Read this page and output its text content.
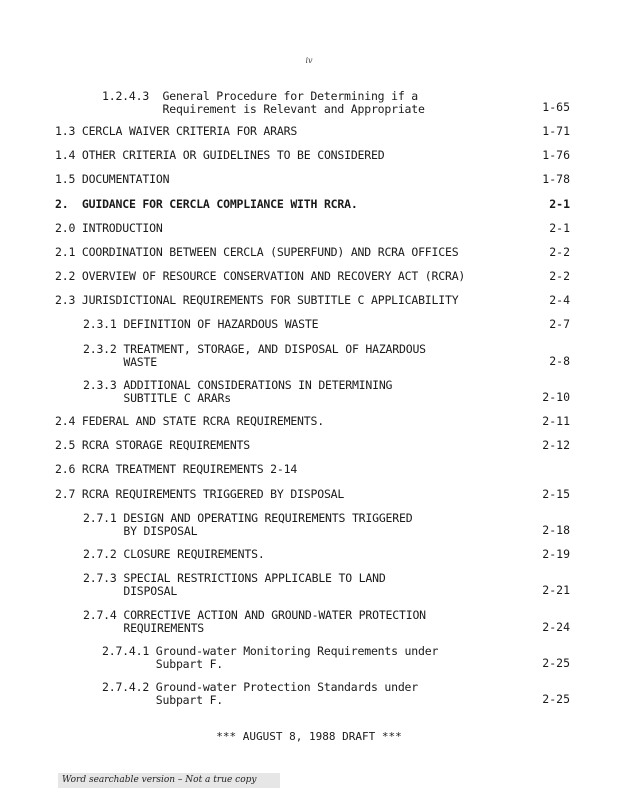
iv
1.2.4.3  General Procedure for Determining if a
Requirement is Relevant and Appropriate	1-65
1.3 CERCLA WAIVER CRITERIA FOR ARARS	1-71
1.4 OTHER CRITERIA OR GUIDELINES TO BE CONSIDERED	1-76
1.5 DOCUMENTATION	1-78
2.  GUIDANCE FOR CERCLA COMPLIANCE WITH RCRA.	2-1
2.0 INTRODUCTION	2-1
2.1 COORDINATION BETWEEN CERCLA (SUPERFUND) AND RCRA OFFICES	2-2
2.2 OVERVIEW OF RESOURCE CONSERVATION AND RECOVERY ACT (RCRA)	2-2
2.3 JURISDICTIONAL REQUIREMENTS FOR SUBTITLE C APPLICABILITY	2-4
2.3.1 DEFINITION OF HAZARDOUS WASTE	2-7
2.3.2 TREATMENT, STORAGE, AND DISPOSAL OF HAZARDOUS
WASTE	2-8
2.3.3 ADDITIONAL CONSIDERATIONS IN DETERMINING
SUBTITLE C ARARs	2-10
2.4 FEDERAL AND STATE RCRA REQUIREMENTS.	2-11
2.5 RCRA STORAGE REQUIREMENTS	2-12
2.6 RCRA TREATMENT REQUIREMENTS 2-14
2.7 RCRA REQUIREMENTS TRIGGERED BY DISPOSAL	2-15
2.7.1 DESIGN AND OPERATING REQUIREMENTS TRIGGERED
BY DISPOSAL	2-18
2.7.2 CLOSURE REQUIREMENTS.	2-19
2.7.3 SPECIAL RESTRICTIONS APPLICABLE TO LAND
DISPOSAL	2-21
2.7.4 CORRECTIVE ACTION AND GROUND-WATER PROTECTION
REQUIREMENTS	2-24
2.7.4.1 Ground-water Monitoring Requirements under
Subpart F.	2-25
2.7.4.2 Ground-water Protection Standards under
Subpart F.	2-25
*** AUGUST 8, 1988 DRAFT ***
Word searchable version – Not a true copy
